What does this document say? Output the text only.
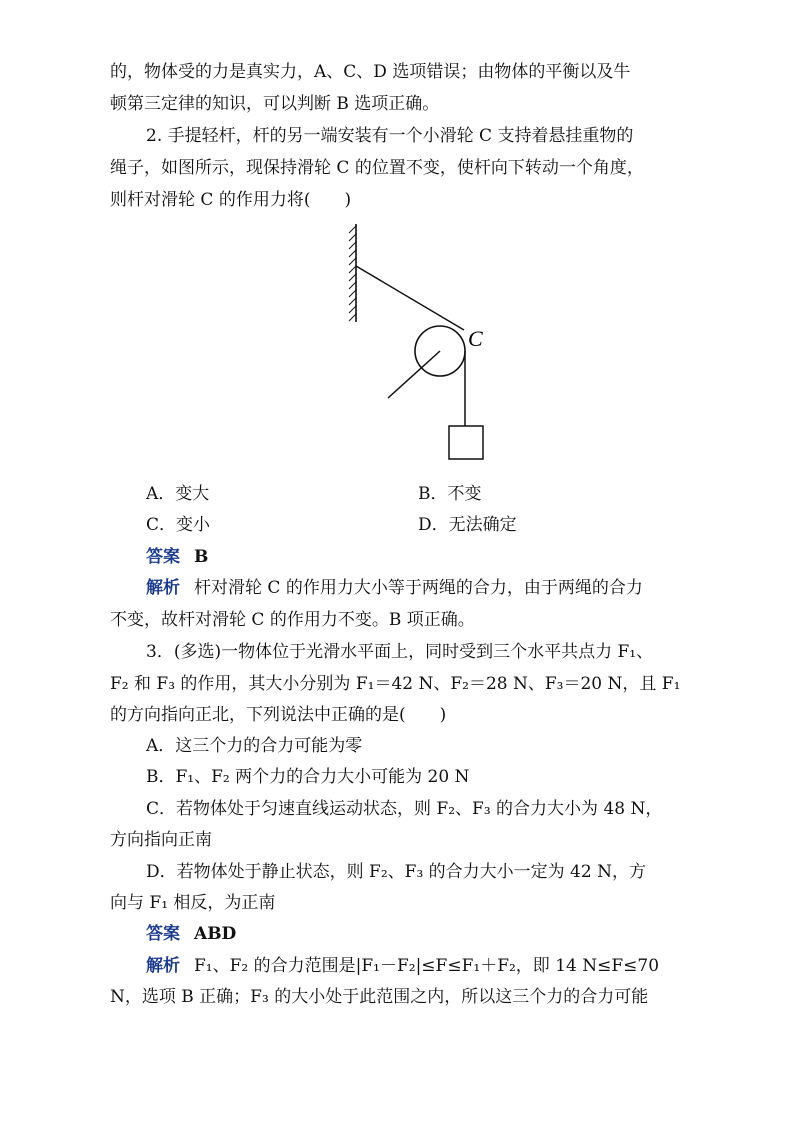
的，物体受的力是真实力，A、C、D 选项错误；由物体的平衡以及牛
顿第三定律的知识，可以判断 B 选项正确。
2. 手提轻杆，杆的另一端安装有一个小滑轮 C 支持着悬挂重物的
绳子，如图所示，现保持滑轮 C 的位置不变，使杆向下转动一个角度，
则杆对滑轮 C 的作用力将(　　)
C
A．变大	B．不变
C．变小	D．无法确定
答案 B
解析 杆对滑轮 C 的作用力大小等于两绳的合力，由于两绳的合力
不变，故杆对滑轮 C 的作用力不变。B 项正确。
3．(多选)一物体位于光滑水平面上，同时受到三个水平共点力 F₁、
F₂ 和 F₃ 的作用，其大小分别为 F₁＝42 N、F₂＝28 N、F₃＝20 N，且 F₁
的方向指向正北，下列说法中正确的是(　　)
A．这三个力的合力可能为零
B．F₁、F₂ 两个力的合力大小可能为 20 N
C．若物体处于匀速直线运动状态，则 F₂、F₃ 的合力大小为 48 N，
方向指向正南
D．若物体处于静止状态，则 F₂、F₃ 的合力大小一定为 42 N，方
向与 F₁ 相反，为正南
答案 ABD
解析 F₁、F₂ 的合力范围是|F₁－F₂|≤F≤F₁＋F₂，即 14 N≤F≤70
N，选项 B 正确；F₃ 的大小处于此范围之内，所以这三个力的合力可能
